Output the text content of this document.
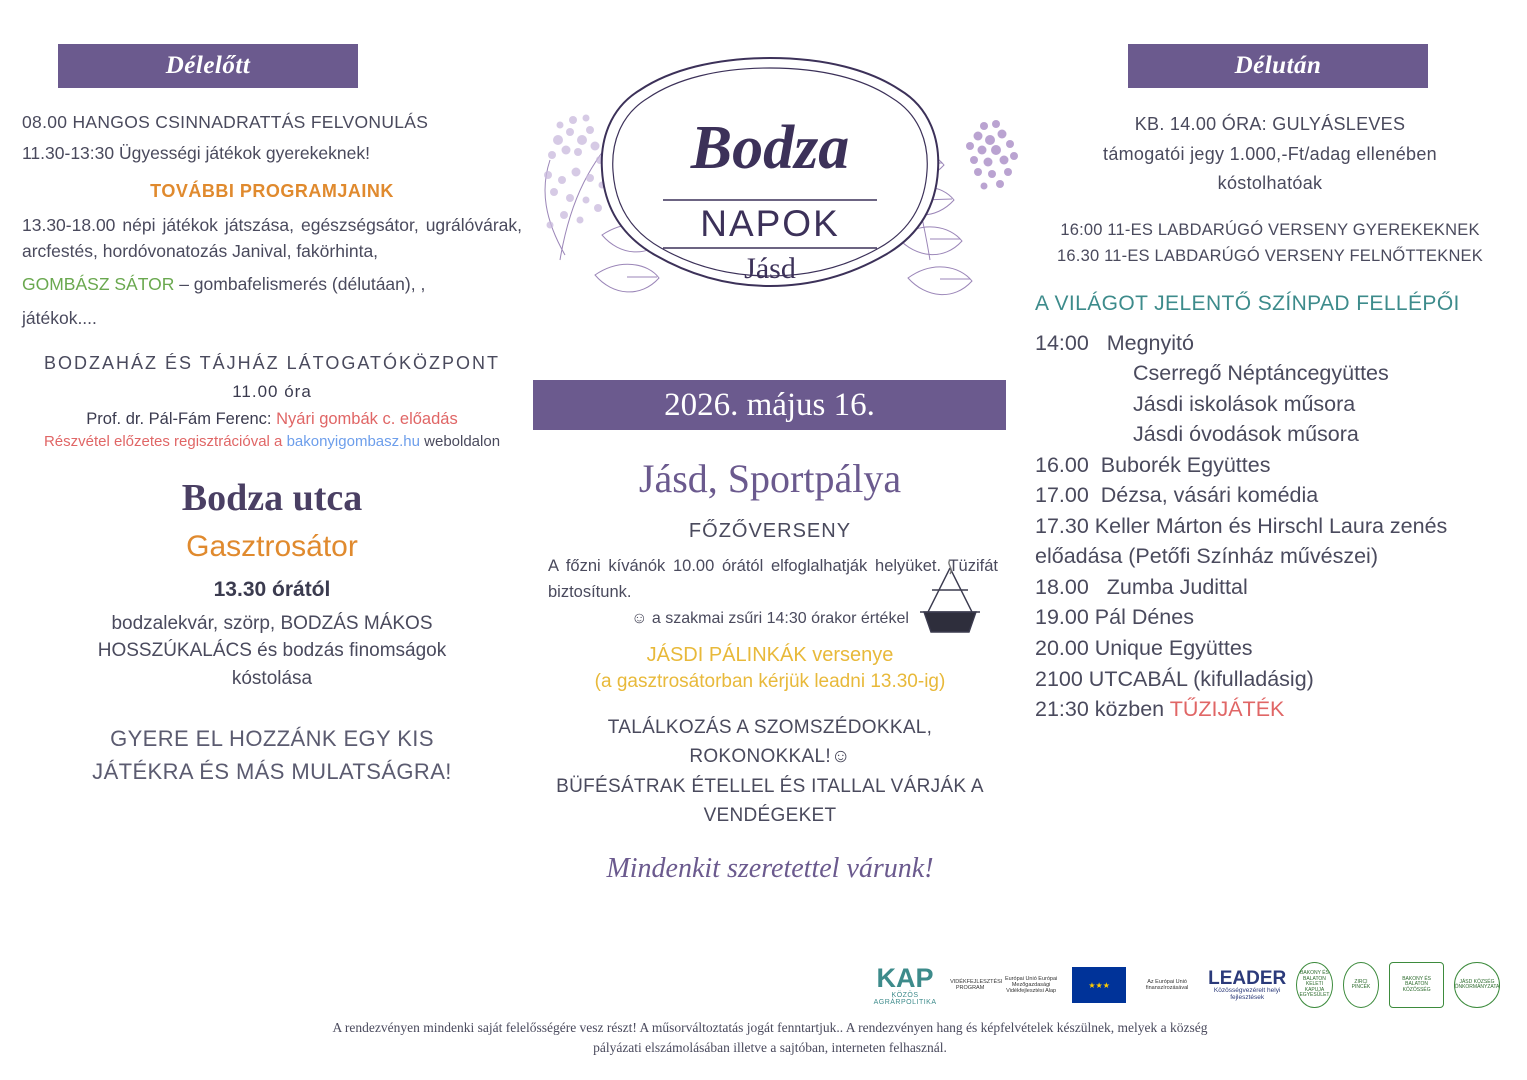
Délelőtt	Délután
Bodza
NAPOK
Jásd
2026. május 16.

08.00 HANGOS CSINNADRATTÁS FELVONULÁS

11.30-13:30 Ügyességi játékok gyerekeknek!

TOVÁBBI PROGRAMJAINK

13.30-18.00 népi játékok játszása, egészségsátor, ugrálóvárak, arcfestés, hordóvonatozás Janival, fakörhinta,

GOMBÁSZ SÁTOR – gombafelismerés (délutáan), ,

játékok....

BODZAHÁZ ÉS TÁJHÁZ LÁTOGATÓKÖZPONT
11.00 óra
Prof. dr. Pál-Fám Ferenc: Nyári gombák c. előadás
Részvétel előzetes regisztrációval a bakonyigombasz.hu weboldalon
Bodza utca
Gasztrosátor
13.30 órától
bodzalekvár, szörp, BODZÁS MÁKOS
HOSSZÚKALÁCS és bodzás finomságok
kóstolása
GYERE EL HOZZÁNK EGY KIS
JÁTÉKRA ÉS MÁS MULATSÁGRA!
Jásd, Sportpálya
FŐZŐVERSENY
A főzni kívánók 10.00 órától elfoglalhatják helyüket. Tüzifát biztosítunk.
☺ a szakmai zsűri 14:30 órakor értékel
JÁSDI PÁLINKÁK versenye
(a gasztrosátorban kérjük leadni 13.30-ig)
TALÁLKOZÁS A SZOMSZÉDOKKAL,
ROKONOKKAL!☺
BÜFÉSÁTRAK ÉTELLEL ÉS ITALLAL VÁRJÁK A
VENDÉGEKET
Mindenkit szeretettel várunk!
KB. 14.00 ÓRA: GULYÁSLEVES
támogatói jegy 1.000,-Ft/adag ellenében
kóstolhatóak
16:00 11-ES LABDARÚGÓ VERSENY GYEREKEKNEK
16.30 11-ES LABDARÚGÓ VERSENY FELNŐTTEKNEK
A VILÁGOT JELENTŐ SZÍNPAD FELLÉPŐI
14:00   Megnyitó
Cserregő Néptáncegyüttes
Jásdi iskolások műsora
Jásdi óvodások műsora
16.00  Buborék Együttes
17.00  Dézsa, vásári komédia
17.30 Keller Márton és Hirschl Laura zenés előadása (Petőfi Színház művészei)
18.00   Zumba Judittal
19.00 Pál Dénes
20.00 Unique Együttes
2100 UTCABÁL (kifulladásig)
21:30 közben TŰZIJÁTÉK
KAP
KÖZÖS AGRÁRPOLITIKA
VIDÉKFEJLESZTÉSI PROGRAM
Európai Unió Európai Mezőgazdasági Vidékfejlesztési Alap
★★★	Az Európai Unió finanszírozásával	LEADER
Közösségvezérelt helyi fejlesztések
BAKONY ÉS BALATON KELETI KAPUJA EGYESÜLET
ZIRCI PINCÉK
BAKONY ÉS BALATON KÖZÖSSÉG
JÁSD KÖZSÉG ÖNKORMÁNYZATA
A rendezvényen mindenki saját felelősségére vesz részt! A műsorváltoztatás jogát fenntartjuk.. A rendezvényen hang és képfelvételek készülnek, melyek a község pályázati elszámolásában illetve a sajtóban, interneten felhasznál.
